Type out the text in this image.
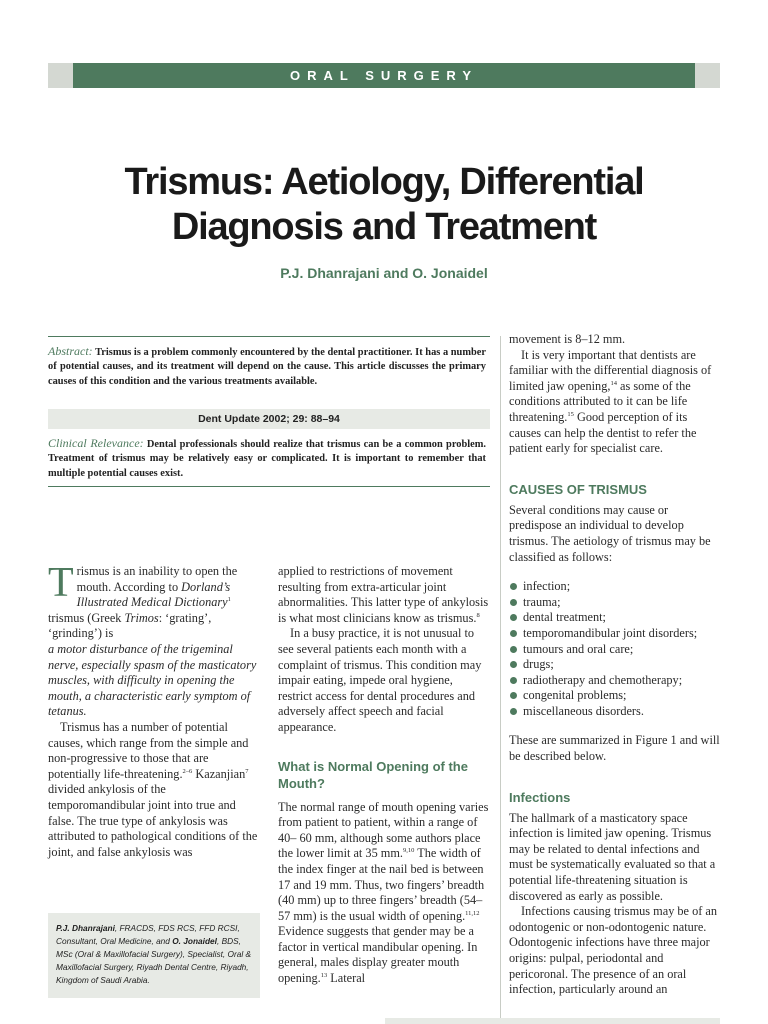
ORAL SURGERY
Trismus: Aetiology, Differential
Diagnosis and Treatment
P.J. Dhanrajani and O. Jonaidel
Abstract: Trismus is a problem commonly encountered by the dental practitioner. It has a number of potential causes, and its treatment will depend on the cause. This article discusses the primary causes of this condition and the various treatments available.
Dent Update 2002; 29: 88–94
Clinical Relevance: Dental professionals should realize that trismus can be a common problem. Treatment of trismus may be relatively easy or complicated. It is important to remember that multiple potential causes exist.

Trismus is an inability to open the mouth. According to Dorland’s Illustrated Medical Dictionary$^1$ trismus (Greek Trimos: ‘grating’, ‘grinding’) is

a motor disturbance of the trigeminal nerve, especially spasm of the masticatory muscles, with difficulty in opening the mouth, a characteristic early symptom of tetanus.

Trismus has a number of potential causes, which range from the simple and non-progressive to those that are potentially life-threatening.$^{2-6}$ Kazanjian$^7$ divided ankylosis of the temporomandibular joint into true and false. The true type of ankylosis was attributed to pathological conditions of the joint, and false ankylosis was

P.J. Dhanrajani, FRACDS, FDS RCS, FFD RCSI, Consultant, Oral Medicine, and O. Jonaidel, BDS, MSc (Oral & Maxillofacial Surgery), Specialist, Oral & Maxillofacial Surgery, Riyadh Dental Centre, Riyadh, Kingdom of Saudi Arabia.

applied to restrictions of movement resulting from extra-articular joint abnormalities. This latter type of ankylosis is what most clinicians know as trismus.$^8$

In a busy practice, it is not unusual to see several patients each month with a complaint of trismus. This condition may impair eating, impede oral hygiene, restrict access for dental procedures and adversely affect speech and facial appearance.

What is Normal Opening of the Mouth?

The normal range of mouth opening varies from patient to patient, within a range of 40– 60 mm, although some authors place the lower limit at 35 mm.$^{9,10}$ The width of the index finger at the nail bed is between 17 and 19 mm. Thus, two fingers’ breadth (40 mm) up to three fingers’ breadth (54–57 mm) is the usual width of opening.$^{11,12}$ Evidence suggests that gender may be a factor in vertical mandibular opening. In general, males display greater mouth opening.$^{13}$ Lateral

movement is 8–12 mm.

It is very important that dentists are familiar with the differential diagnosis of limited jaw opening,$^{14}$ as some of the conditions attributed to it can be life threatening.$^{15}$ Good perception of its causes can help the dentist to refer the patient early for specialist care.

CAUSES OF TRISMUS

Several conditions may cause or predispose an individual to develop trismus. The aetiology of trismus may be classified as follows:

infection;
trauma;
dental treatment;
temporomandibular joint disorders;
tumours and oral care;
drugs;
radiotherapy and chemotherapy;
congenital problems;
miscellaneous disorders.

These are summarized in Figure 1 and will be described below.

Infections

The hallmark of a masticatory space infection is limited jaw opening. Trismus may be related to dental infections and must be systematically evaluated so that a potential life-threatening situation is discovered as early as possible.

Infections causing trismus may be of an odontogenic or non-odontogenic nature. Odontogenic infections have three major origins: pulpal, periodontal and pericoronal. The presence of an oral infection, particularly around an
